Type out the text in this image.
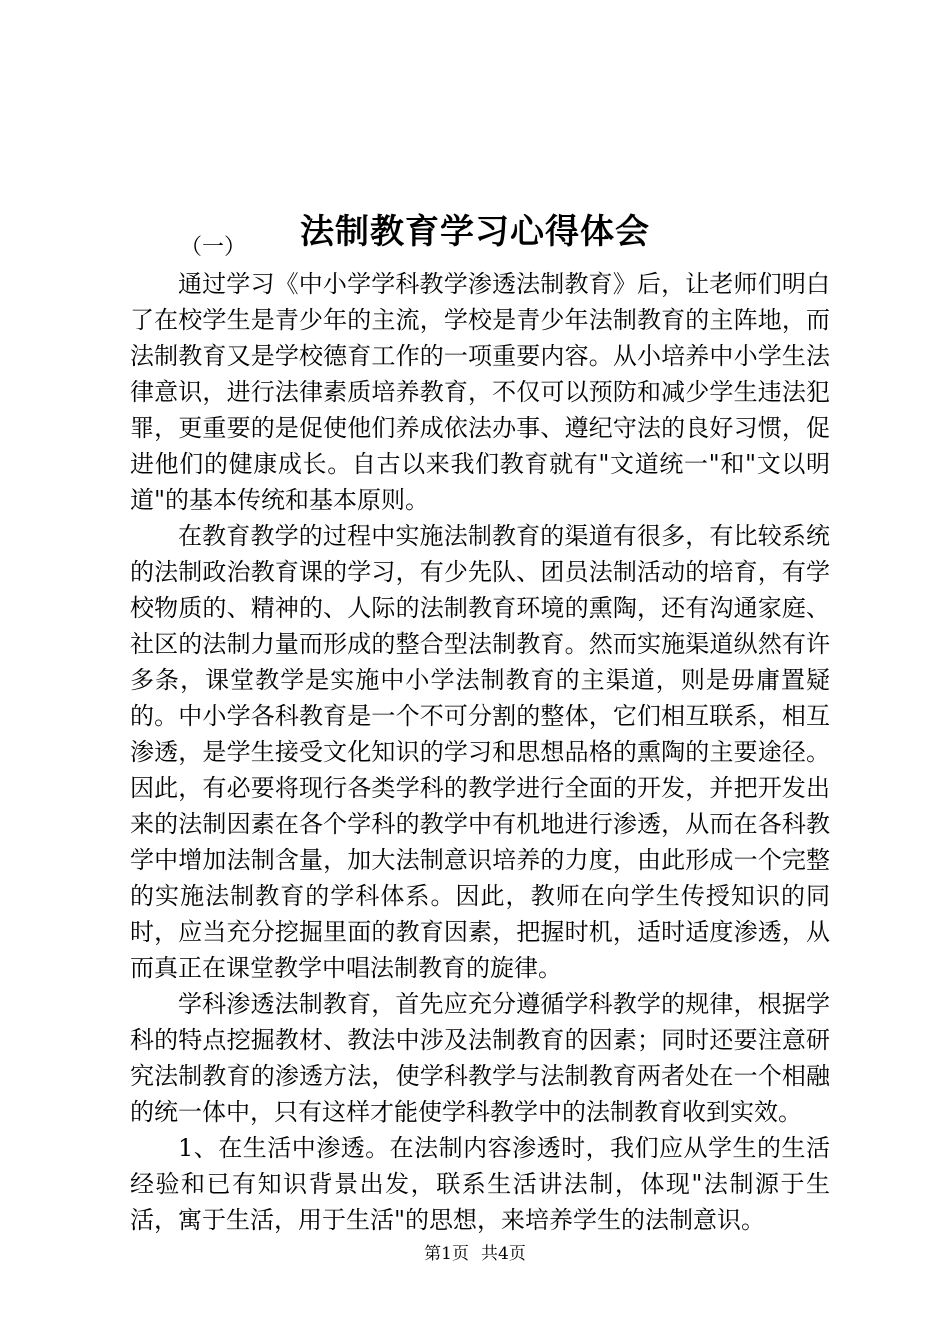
法制教育学习心得体会
（一）

通过学习《中小学学科教学渗透法制教育》后，让老师们明白了在校学生是青少年的主流，学校是青少年法制教育的主阵地，而法制教育又是学校德育工作的一项重要内容。从小培养中小学生法律意识，进行法律素质培养教育，不仅可以预防和减少学生违法犯罪，更重要的是促使他们养成依法办事、遵纪守法的良好习惯，促进他们的健康成长。自古以来我们教育就有"文道统一"和"文以明道"的基本传统和基本原则。

在教育教学的过程中实施法制教育的渠道有很多，有比较系统的法制政治教育课的学习，有少先队、团员法制活动的培育，有学校物质的、精神的、人际的法制教育环境的熏陶，还有沟通家庭、社区的法制力量而形成的整合型法制教育。然而实施渠道纵然有许多条，课堂教学是实施中小学法制教育的主渠道，则是毋庸置疑的。中小学各科教育是一个不可分割的整体，它们相互联系，相互渗透，是学生接受文化知识的学习和思想品格的熏陶的主要途径。因此，有必要将现行各类学科的教学进行全面的开发，并把开发出来的法制因素在各个学科的教学中有机地进行渗透，从而在各科教学中增加法制含量，加大法制意识培养的力度，由此形成一个完整的实施法制教育的学科体系。因此，教师在向学生传授知识的同时，应当充分挖掘里面的教育因素，把握时机，适时适度渗透，从而真正在课堂教学中唱法制教育的旋律。

学科渗透法制教育，首先应充分遵循学科教学的规律，根据学科的特点挖掘教材、教法中涉及法制教育的因素；同时还要注意研究法制教育的渗透方法，使学科教学与法制教育两者处在一个相融的统一体中，只有这样才能使学科教学中的法制教育收到实效。

1、在生活中渗透。在法制内容渗透时，我们应从学生的生活经验和已有知识背景出发，联系生活讲法制，体现"法制源于生活，寓于生活，用于生活"的思想，来培养学生的法制意识。

第1页 共4页
